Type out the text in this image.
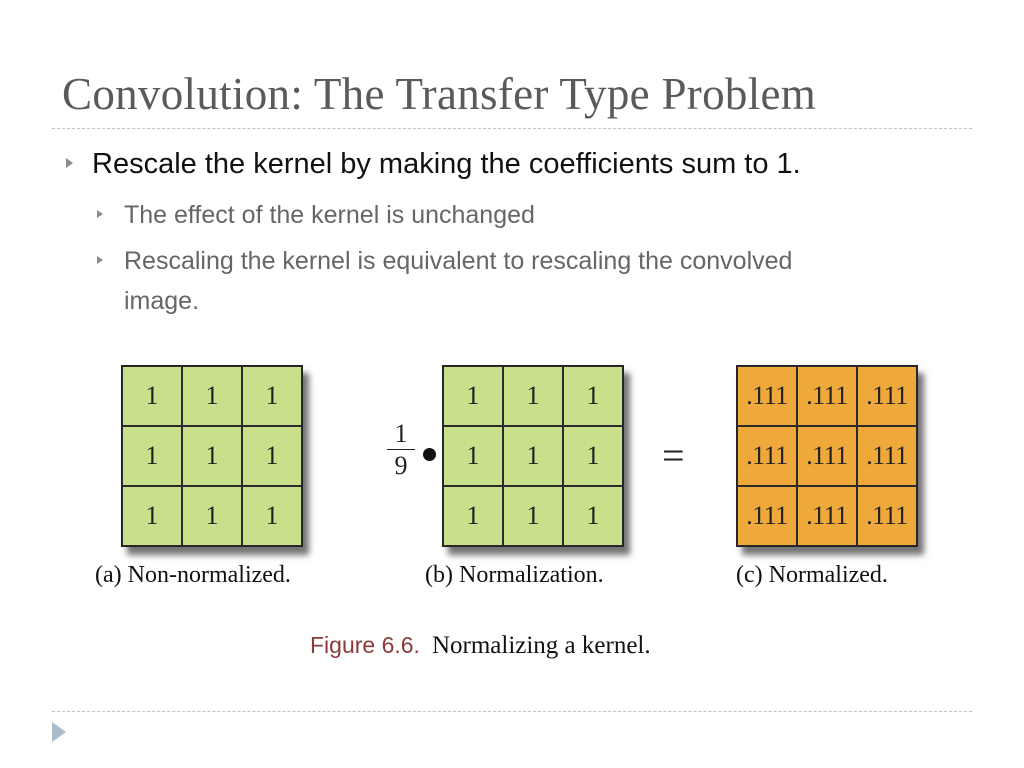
Convolution: The Transfer Type Problem
Rescale the kernel by making the coefficients sum to 1.
The effect of the kernel is unchanged
Rescaling the kernel is equivalent to rescaling the convolved
image.
1	1	1
1	1	1
1	1	1
(a) Non-normalized.
1
9
1	1	1
1	1	1
1	1	1
(b) Normalization.
=
.111 .111 .111
.111 .111 .111
.111 .111 .111
(c) Normalized.
Figure 6.6. Normalizing a kernel.
